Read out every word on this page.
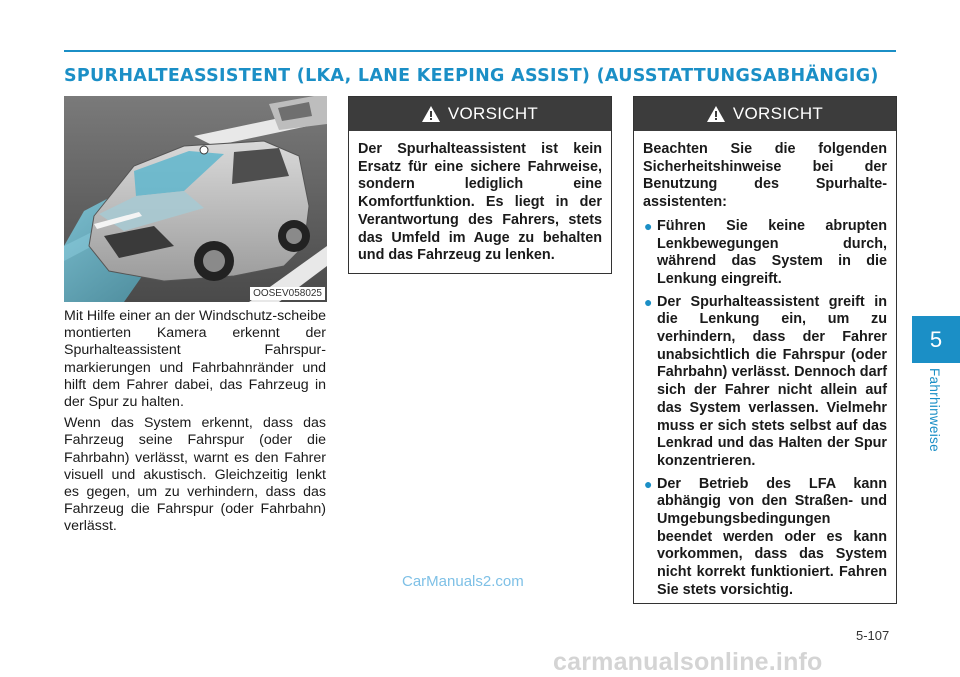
SPURHALTEASSISTENT (LKA, LANE KEEPING ASSIST) (AUSSTATTUNGSABHÄNGIG)
OOSEV058025

Mit Hilfe einer an der Windschutz-scheibe montierten Kamera erkennt der Spurhalteassistent Fahrspur-markierungen und Fahrbahnränder und hilft dem Fahrer dabei, das Fahrzeug in der Spur zu halten.

Wenn das System erkennt, dass das Fahrzeug seine Fahrspur (oder die Fahrbahn) verlässt, warnt es den Fahrer visuell und akustisch. Gleichzeitig lenkt es gegen, um zu verhindern, dass das Fahrzeug die Fahrspur (oder Fahrbahn) verlässt.

VORSICHT

Der Spurhalteassistent ist kein Ersatz für eine sichere Fahrweise, sondern lediglich eine Komfortfunktion. Es liegt in der Verantwortung des Fahrers, stets das Umfeld im Auge zu behalten und das Fahrzeug zu lenken.

VORSICHT

Beachten Sie die folgenden Sicherheitshinweise bei der Benutzung des Spurhalte-assistenten:

● Führen Sie keine abrupten Lenkbewegungen durch, während das System in die Lenkung eingreift.
● Der Spurhalteassistent greift in die Lenkung ein, um zu verhindern, dass der Fahrer unabsichtlich die Fahrspur (oder Fahrbahn) verlässt. Dennoch darf sich der Fahrer nicht allein auf das System verlassen. Vielmehr muss er sich stets selbst auf das Lenkrad und das Halten der Spur konzentrieren.
● Der Betrieb des LFA kann abhängig von den Straßen- und Umgebungsbedingungen beendet werden oder es kann vorkommen, dass das System nicht korrekt funktioniert. Fahren Sie stets vorsichtig.
5
Fahrhinweise
5-107
CarManuals2.com
carmanualsonline.info
